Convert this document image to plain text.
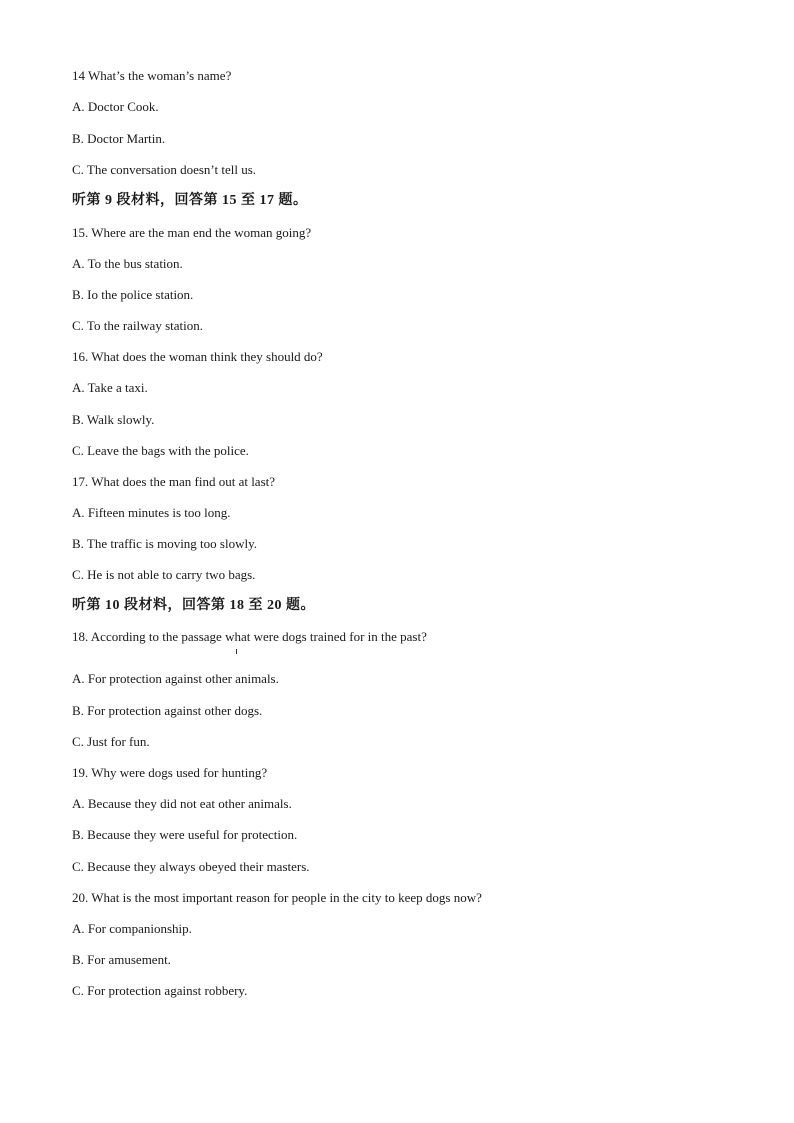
14 What’s the woman’s name?
A. Doctor Cook.
B. Doctor Martin.
C. The conversation doesn’t tell us.
听第 9 段材料，回答第 15 至 17 题。
15. Where are the man end the woman going?
A. To the bus station.
B. Io the police station.
C. To the railway station.
16. What does the woman think they should do?
A. Take a taxi.
B. Walk slowly.
C. Leave the bags with the police.
17. What does the man find out at last?
A. Fifteen minutes is too long.
B. The traffic is moving too slowly.
C. He is not able to carry two bags.
听第 10 段材料，回答第 18 至 20 题。
18. According to the passage what were dogs trained for in the past?
A. For protection against other animals.
B. For protection against other dogs.
C. Just for fun.
19. Why were dogs used for hunting?
A. Because they did not eat other animals.
B. Because they were useful for protection.
C. Because they always obeyed their masters.
20. What is the most important reason for people in the city to keep dogs now?
A. For companionship.
B. For amusement.
C. For protection against robbery.
